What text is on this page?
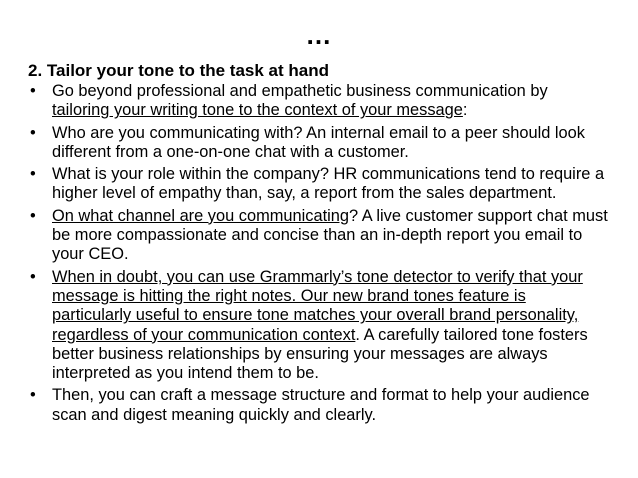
…
2. Tailor your tone to the task at hand
• Go beyond professional and empathetic business communication by tailoring your writing tone to the context of your message:
• Who are you communicating with? An internal email to a peer should look different from a one-on-one chat with a customer.
• What is your role within the company? HR communications tend to require a higher level of empathy than, say, a report from the sales department.
• On what channel are you communicating? A live customer support chat must be more compassionate and concise than an in-depth report you email to your CEO.
• When in doubt, you can use Grammarly’s tone detector to verify that your message is hitting the right notes. Our new brand tones feature is particularly useful to ensure tone matches your overall brand personality, regardless of your communication context. A carefully tailored tone fosters better business relationships by ensuring your messages are always interpreted as you intend them to be.
• Then, you can craft a message structure and format to help your audience scan and digest meaning quickly and clearly.
